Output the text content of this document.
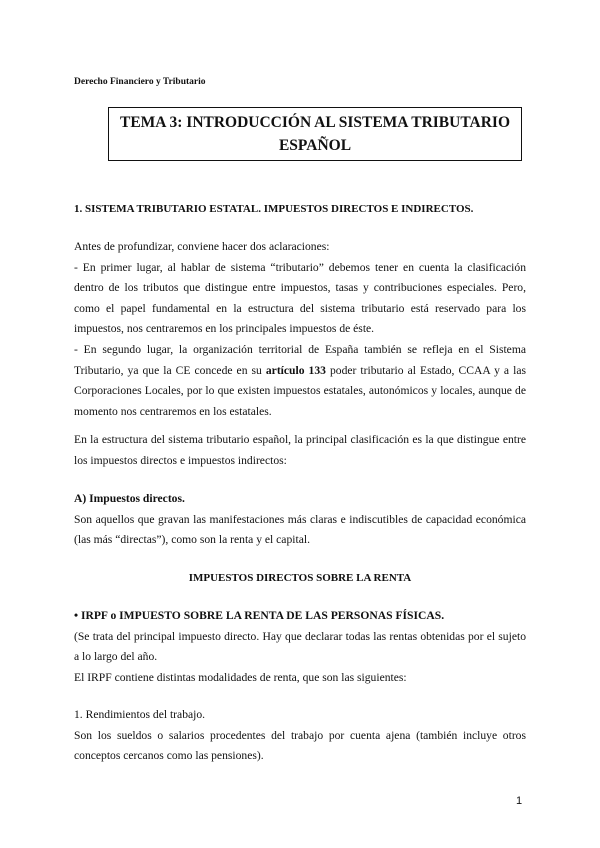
Derecho Financiero y Tributario
TEMA 3: INTRODUCCIÓN AL SISTEMA TRIBUTARIO
ESPAÑOL
1. SISTEMA TRIBUTARIO ESTATAL. IMPUESTOS DIRECTOS E INDIRECTOS.

Antes de profundizar, conviene hacer dos aclaraciones:

- En primer lugar, al hablar de sistema “tributario” debemos tener en cuenta la clasificación dentro de los tributos que distingue entre impuestos, tasas y contribuciones especiales. Pero, como el papel fundamental en la estructura del sistema tributario está reservado para los impuestos, nos centraremos en los principales impuestos de éste.

- En segundo lugar, la organización territorial de España también se refleja en el Sistema Tributario, ya que la CE concede en su artículo 133 poder tributario al Estado, CCAA y a las Corporaciones Locales, por lo que existen impuestos estatales, autonómicos y locales, aunque de momento nos centraremos en los estatales.

En la estructura del sistema tributario español, la principal clasificación es la que distingue entre los impuestos directos e impuestos indirectos:

A) Impuestos directos.

Son aquellos que gravan las manifestaciones más claras e indiscutibles de capacidad económica (las más “directas”), como son la renta y el capital.

IMPUESTOS DIRECTOS SOBRE LA RENTA

• IRPF o IMPUESTO SOBRE LA RENTA DE LAS PERSONAS FÍSICAS.

(Se trata del principal impuesto directo. Hay que declarar todas las rentas obtenidas por el sujeto a lo largo del año.

El IRPF contiene distintas modalidades de renta, que son las siguientes:

1. Rendimientos del trabajo.

Son los sueldos o salarios procedentes del trabajo por cuenta ajena (también incluye otros conceptos cercanos como las pensiones).

1
